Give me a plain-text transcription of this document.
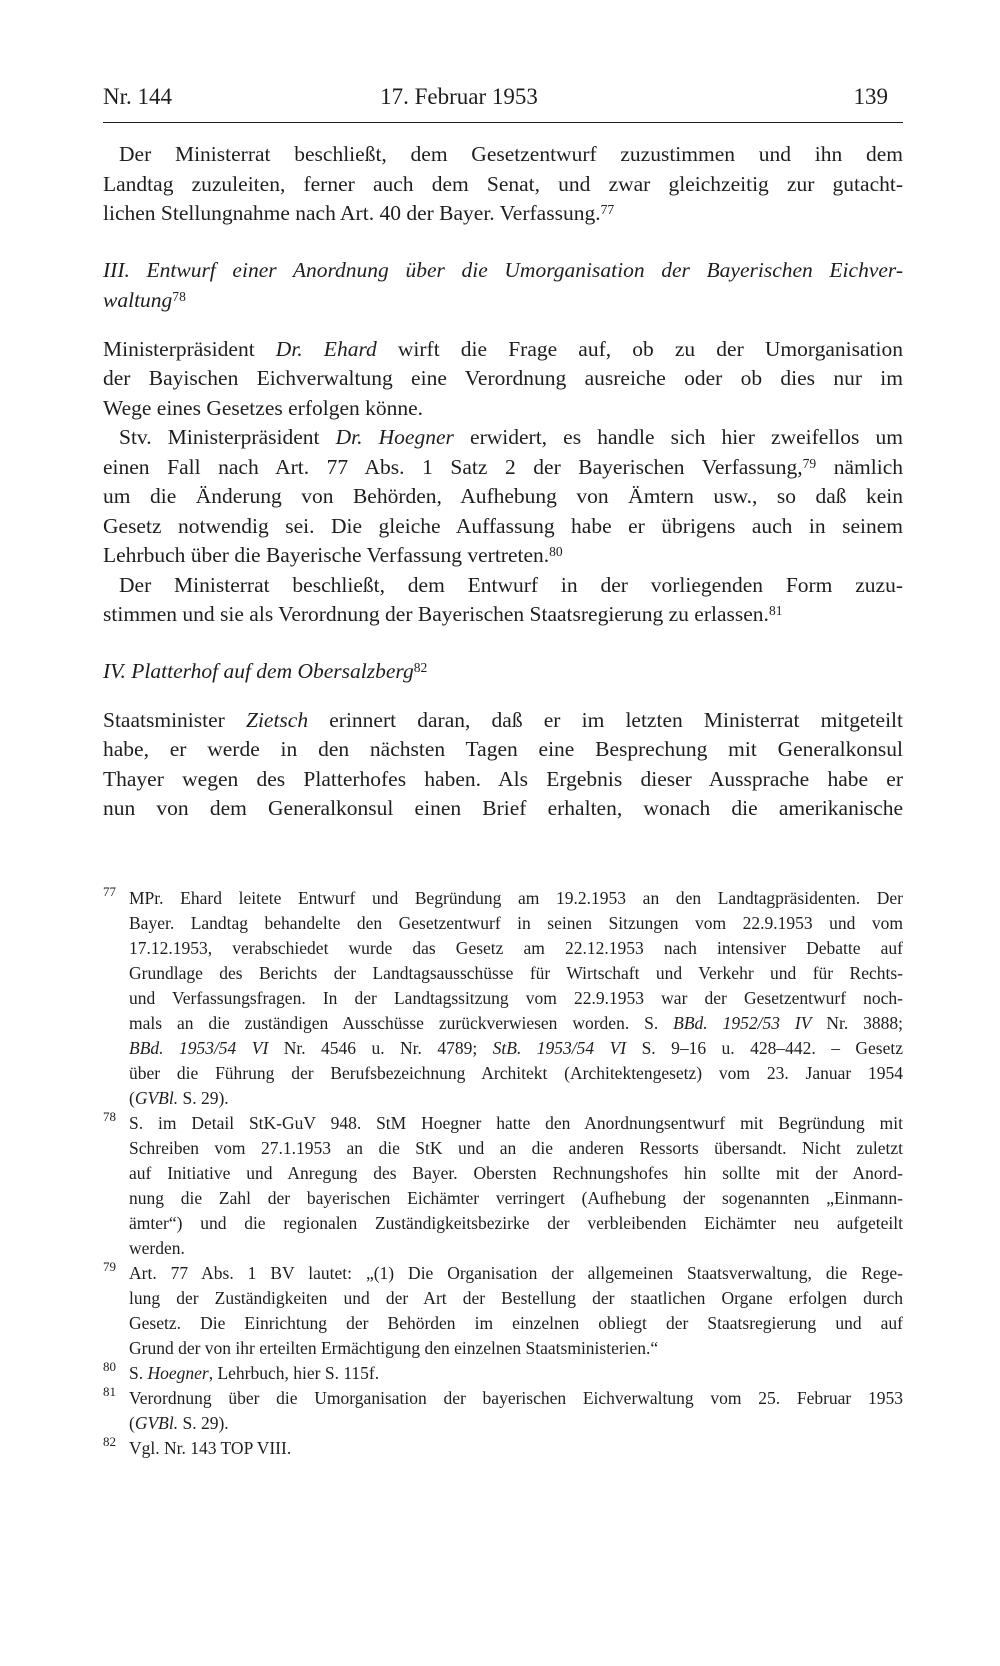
Nr. 144	17. Februar 1953	139
Der Ministerrat beschließt, dem Gesetzentwurf zuzustimmen und ihn dem
Landtag zuzuleiten, ferner auch dem Senat, und zwar gleichzeitig zur gutacht-
lichen Stellungnahme nach Art. 40 der Bayer. Verfassung.$^{77}$
III. Entwurf einer Anordnung über die Umorganisation der Bayerischen Eichver-
waltung$^{78}$
Ministerpräsident Dr. Ehard wirft die Frage auf, ob zu der Umorganisation
der Bayischen Eichverwaltung eine Verordnung ausreiche oder ob dies nur im
Wege eines Gesetzes erfolgen könne.
Stv. Ministerpräsident Dr. Hoegner erwidert, es handle sich hier zweifellos um
einen Fall nach Art. 77 Abs. 1 Satz 2 der Bayerischen Verfassung,$^{79}$ nämlich
um die Änderung von Behörden, Aufhebung von Ämtern usw., so daß kein
Gesetz notwendig sei. Die gleiche Auffassung habe er übrigens auch in seinem
Lehrbuch über die Bayerische Verfassung vertreten.$^{80}$
Der Ministerrat beschließt, dem Entwurf in der vorliegenden Form zuzu-
stimmen und sie als Verordnung der Bayerischen Staatsregierung zu erlassen.$^{81}$
IV. Platterhof auf dem Obersalzberg$^{82}$
Staatsminister Zietsch erinnert daran, daß er im letzten Ministerrat mitgeteilt
habe, er werde in den nächsten Tagen eine Besprechung mit Generalkonsul
Thayer wegen des Platterhofes haben. Als Ergebnis dieser Aussprache habe er
nun von dem Generalkonsul einen Brief erhalten, wonach die amerikanische
77 MPr. Ehard leitete Entwurf und Begründung am 19.2.1953 an den Landtagpräsidenten. Der
Bayer. Landtag behandelte den Gesetzentwurf in seinen Sitzungen vom 22.9.1953 und vom
17.12.1953, verabschiedet wurde das Gesetz am 22.12.1953 nach intensiver Debatte auf
Grundlage des Berichts der Landtagsausschüsse für Wirtschaft und Verkehr und für Rechts-
und Verfassungsfragen. In der Landtagssitzung vom 22.9.1953 war der Gesetzentwurf noch-
mals an die zuständigen Ausschüsse zurückverwiesen worden. S. BBd. 1952/53 IV Nr. 3888;
BBd. 1953/54 VI Nr. 4546 u. Nr. 4789; StB. 1953/54 VI S. 9–16 u. 428–442. – Gesetz
über die Führung der Berufsbezeichnung Architekt (Architektengesetz) vom 23. Januar 1954
(GVBl. S. 29).
78 S. im Detail StK-GuV 948. StM Hoegner hatte den Anordnungsentwurf mit Begründung mit
Schreiben vom 27.1.1953 an die StK und an die anderen Ressorts übersandt. Nicht zuletzt
auf Initiative und Anregung des Bayer. Obersten Rechnungshofes hin sollte mit der Anord-
nung die Zahl der bayerischen Eichämter verringert (Aufhebung der sogenannten „Einmann-
ämter“) und die regionalen Zuständigkeitsbezirke der verbleibenden Eichämter neu aufgeteilt
werden.
79 Art. 77 Abs. 1 BV lautet: „(1) Die Organisation der allgemeinen Staatsverwaltung, die Rege-
lung der Zuständigkeiten und der Art der Bestellung der staatlichen Organe erfolgen durch
Gesetz. Die Einrichtung der Behörden im einzelnen obliegt der Staatsregierung und auf
Grund der von ihr erteilten Ermächtigung den einzelnen Staatsministerien.“
80 S. Hoegner, Lehrbuch, hier S. 115f.
81 Verordnung über die Umorganisation der bayerischen Eichverwaltung vom 25. Februar 1953
(GVBl. S. 29).
82 Vgl. Nr. 143 TOP VIII.
